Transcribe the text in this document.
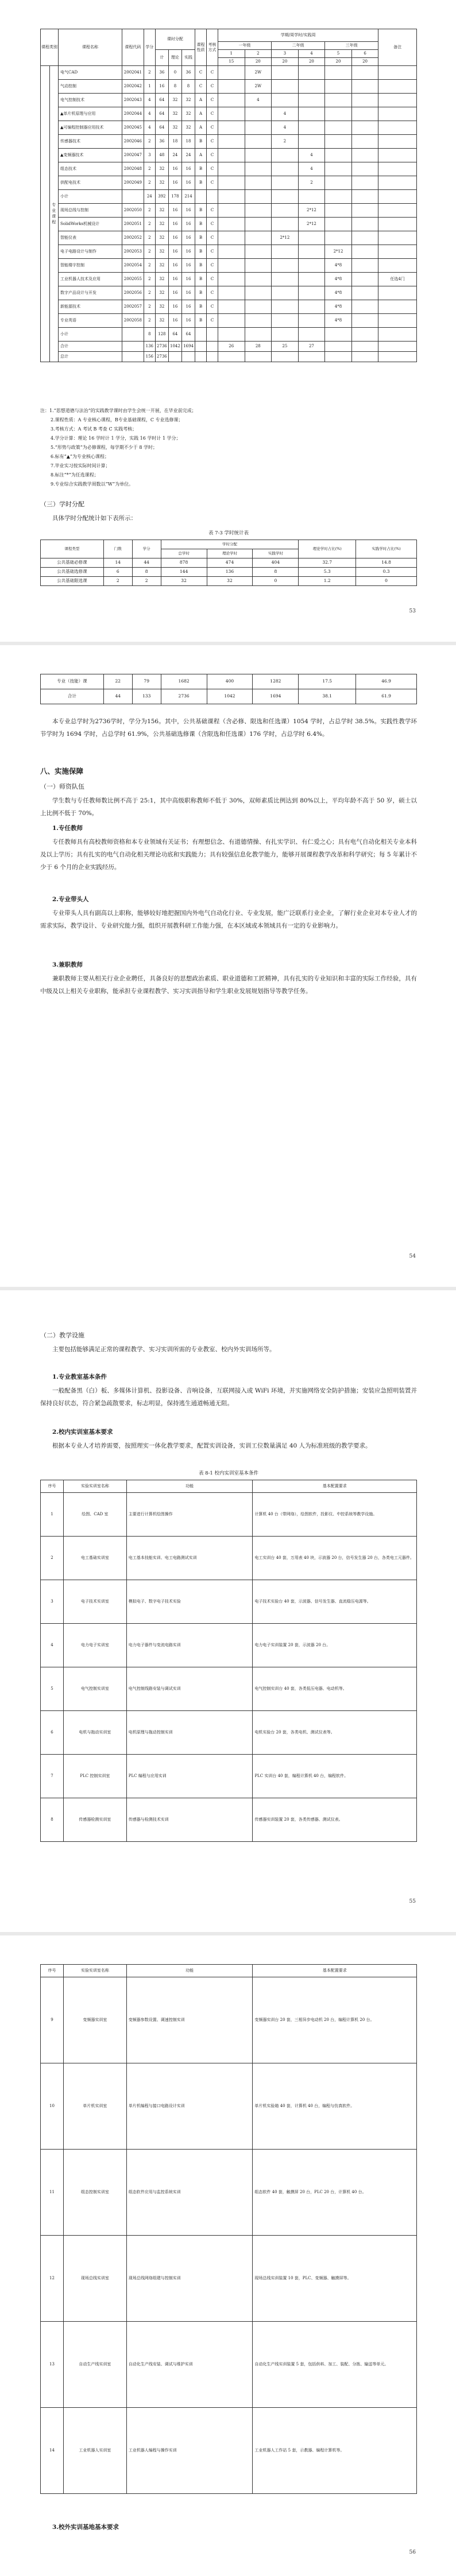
课程类别		课程名称	课程代码	学分	课时分配			课程性质	考核方式	学期/周学时/实践周						备注
										一年级		二年级		三年级		
					计	理论	实践			1	2	3	4	5	6	
										15	20	20	20	20	20	
	专业课程	电气CAD	2002041	2	36	0	36	C	C		2W					
		气动控制	2002042	1	16	8	8	C	C		2W					
		电气控制技术	2002043	4	64	32	32	A	C		4					
		▲单片机原理与应用	2002044	4	64	32	32	A	C			4				
		▲可编程控制器应用技术	2002045	4	64	32	32	A	C			4				
		传感器技术	2002046	2	36	18	18	B	C			2				
		▲变频器技术	2002047	3	48	24	24	A	C				4			
		组态技术	2002048	2	32	16	16	B	C				4			
		供配电技术	2002049	2	32	16	16	B	C				2			
		小计		24	392	178	214									
		现场总线与控制	2002050	2	32	16	16	B	C				2*12			
		SolidWorks机械设计	2002051	2	32	16	16	B	C				2*12			
		智能仪表	2002052	2	32	16	16	B	C			2*12				
		电子电路设计与制作	2002053	2	32	16	16	B	C					2*12		
		智能楼宇控制	2002054	2	32	16	16	B	C					4*8		
		工业机器人技术及应用	2002055	2	32	16	16	B	C					4*8		任选4门
		数字产品设计与开发	2002056	2	32	16	16	B	C					4*8		
		新能源技术	2002057	2	32	16	16	B	C					4*8		
		专业英语	2002058	2	32	16	16	B	C					4*8		
		小计		8	128	64	64									
		合计		136	2736	1042	1694			26	28	25	27			
		总计		156	2736											
注：1.“思想道德与法治”的实践教学课时由学生会统一开展，在毕业前完成；
2.课程性质：A 专业核心课程，B专业基础课程，C 专业选修课；
3.考核方式：A 考试 B 考查 C 实践考核；
4.学分计算：理论 16 学时计 1 学分，实践 16 学时计 1 学分；
5.“形势与政策”为必修课程，每学期不少于 8 学时；
6.标有“▲”为专业核心课程；
7.毕业实习按实际时间计算；
8.标注“*”为任选课程；
9.专业综合实践教学周数以“W”为单位。
（三）学时分配
具体学时分配统计如下表所示：
表 7-3 学时统计表
课程类型	门数	学分	学时分配			理论学时占比(%)	实践学时占比(%)
			总学时	理论学时	实践学时		
公共基础必修课	14	44	878	474	404	32.7	14.8
公共基础选修课	6	8	144	136	8	5.3	0.3
公共基础限选课	2	2	32	32	0	1.2	0
53
专业（技能）课	22	79	1682	400	1282	17.5	46.9
合计	44	133	2736	1042	1694	38.1	61.9
本专业总学时为2736学时，学分为156。其中，公共基础课程（含必修、限选和任选课）1054 学时，占总学时 38.5%。实践性教学环节学时为 1694 学时，占总学时 61.9%，公共基础选修课（含限选和任选课）176 学时，占总学时 6.4%。
八、实施保障
（一）师资队伍
学生数与专任教师数比例不高于 25:1，其中高级职称教师不低于 30%，双师素质比例达到 80%以上，平均年龄不高于 50 岁，硕士以上比例不低于 70%。
1.专任教师
专任教师具有高校教师资格和本专业领域有关证书；有理想信念、有道德情操、有扎实学识、有仁爱之心；具有电气自动化相关专业本科及以上学历；具有扎实的电气自动化相关理论功底和实践能力；具有较强信息化教学能力，能够开展课程教学改革和科学研究；每 5 年累计不少于 6 个月的企业实践经历。
2.专业带头人
专业带头人具有副高以上职称，能够较好地把握国内外电气自动化行业、专业发展，能广泛联系行业企业，了解行业企业对本专业人才的需求实际，教学设计、专业研究能力强，组织开展教科研工作能力强，在本区域或本领域具有一定的专业影响力。
3.兼职教师
兼职教师主要从相关行业企业聘任，具备良好的思想政治素质、职业道德和工匠精神，具有扎实的专业知识和丰富的实际工作经验，具有中级及以上相关专业职称，能承担专业课程教学、实习实训指导和学生职业发展规划指导等教学任务。
54
（二）教学设施
主要包括能够满足正常的课程教学、实习实训所需的专业教室、校内外实训场所等。
1.专业教室基本条件
一般配备黑（白）板、多媒体计算机、投影设备、音响设备，互联网接入或 WiFi 环境，并实施网络安全防护措施；安装应急照明装置并保持良好状态，符合紧急疏散要求，标志明显，保持逃生通道畅通无阻。
2.校内实训室基本要求
根据本专业人才培养需要，按照理实一体化教学要求，配置实训设备，实训工位数量满足 40 人为标准班级的教学要求。
表 8-1 校内实训室基本条件
序号	实验实训室名称	功能	基本配置要求
1	绘图、CAD 室	主要进行计算机绘图操作	计算机 40 台（带网络），绘图软件，投影仪、中控系统等教学设施。
2	电工基础实训室	电工基本技能实训、电工电路测试实训	电工实训台 40 套，万用表 40 块，示波器 20 台，信号发生器 20 台，各类电工元器件。
3	电子技术实训室	模拟电子、数字电子技术实验	电子技术实验台 40 套，示波器、信号发生器、直流稳压电源等。
4	电力电子实训室	电力电子器件与变流电路实训	电力电子实训装置 20 套，示波器 20 台。
5	电气控制实训室	电气控制线路安装与调试实训	电气控制实训台 40 套，各类低压电器、电动机等。
6	电机与拖动实训室	电机原理与拖动控制实训	电机实验台 20 套，各类电机、测试仪表等。
7	PLC 控制实训室	PLC 编程与应用实训	PLC 实训台 40 套，编程计算机 40 台，编程软件。
8	传感器检测实训室	传感器与检测技术实训	传感器实训装置 20 套，各类传感器、测试仪表。
55
序号	实验实训室名称	功能	基本配置要求
9	变频器实训室	变频器参数设置、调速控制实训	变频器实训台 20 套，三相异步电动机 20 台，编程计算机 20 台。
10	单片机实训室	单片机编程与接口电路设计实训	单片机实验箱 40 套，计算机 40 台，编程与仿真软件。
11	组态控制实训室	组态软件应用与监控系统实训	组态软件 40 套，触摸屏 20 台，PLC 20 台，计算机 40 台。
12	现场总线实训室	现场总线网络组建与控制实训	现场总线实训装置 10 套，PLC、变频器、触摸屏等。
13	自动生产线实训室	自动化生产线安装、调试与维护实训	自动化生产线实训装置 5 套，包括供料、加工、装配、分拣、输送等单元。
14	工业机器人实训室	工业机器人编程与操作实训	工业机器人工作站 5 套，示教器、编程计算机等。
3.校外实训基地基本要求
56
